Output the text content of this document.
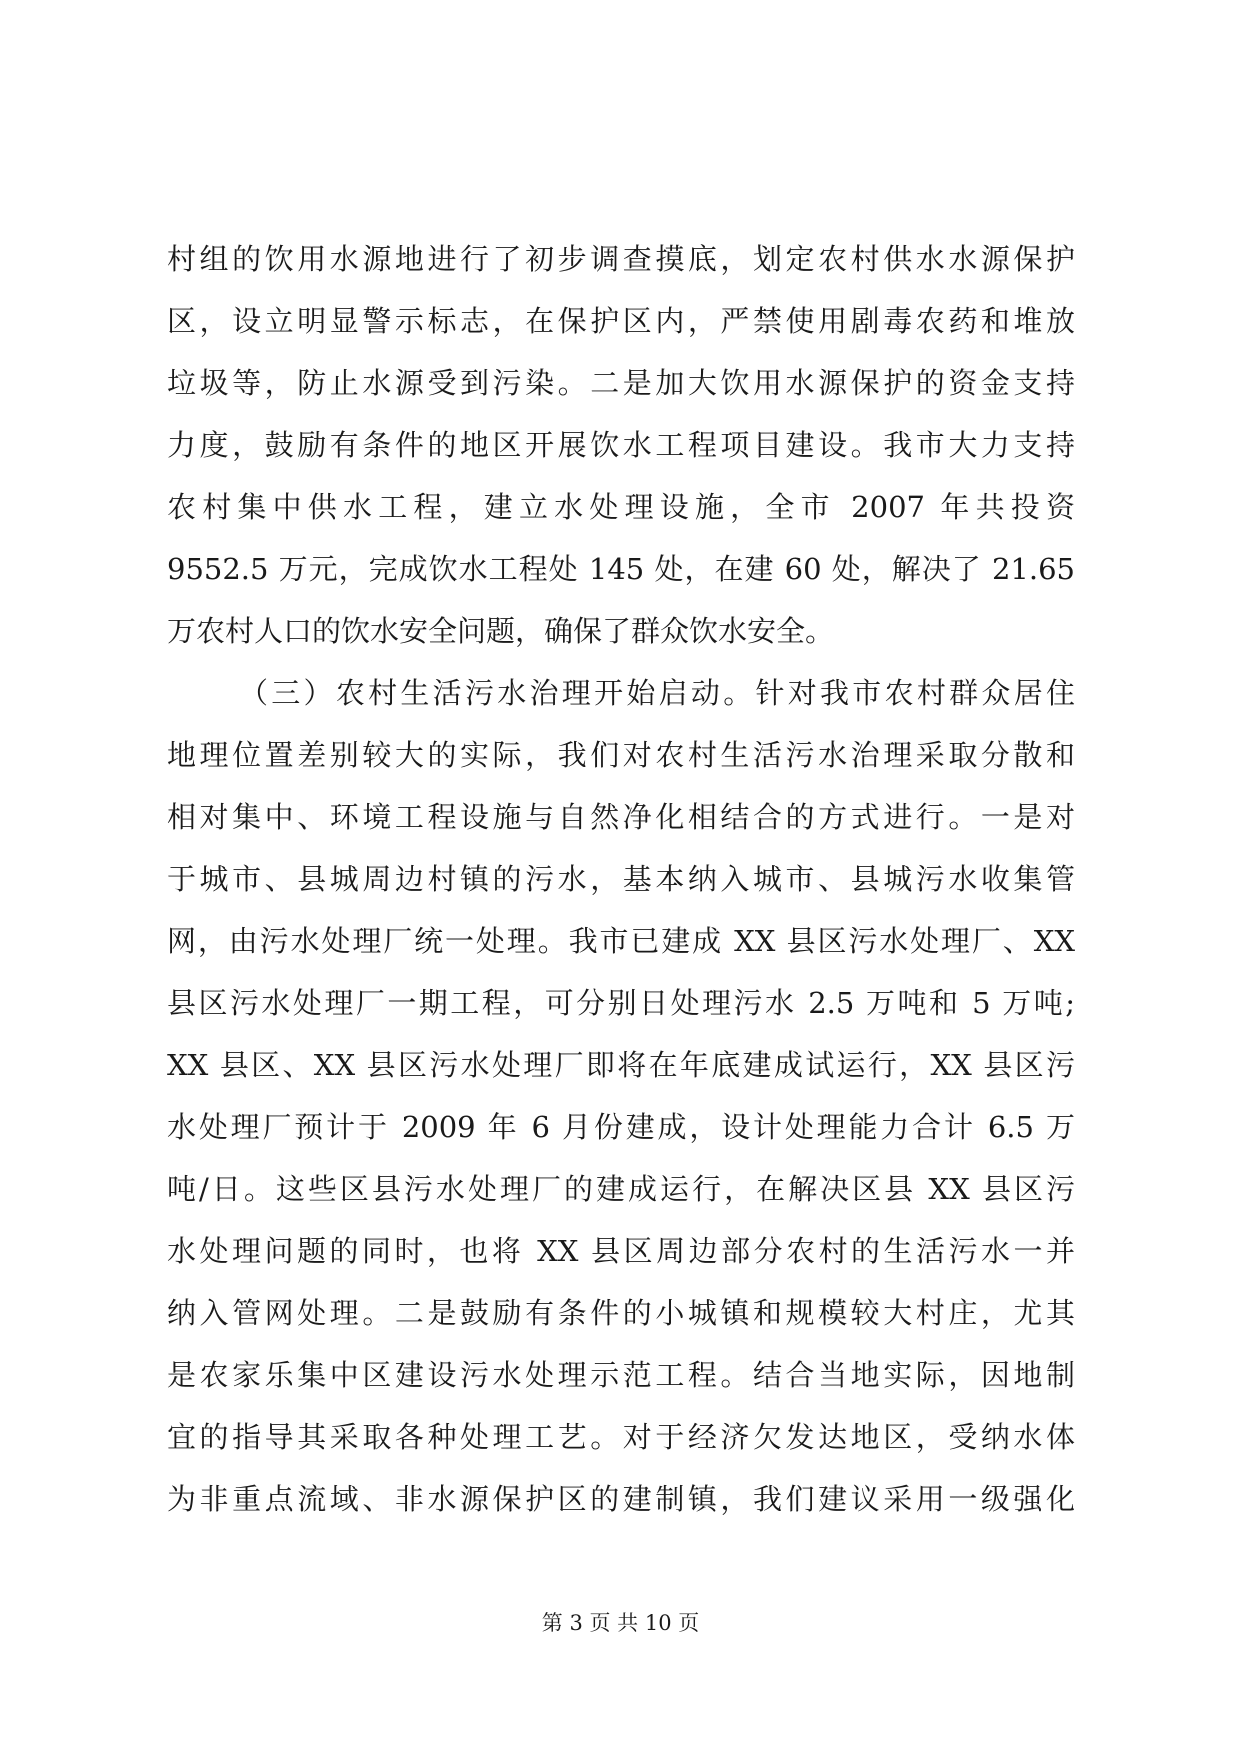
村组的饮用水源地进行了初步调查摸底，划定农村供水水源保护
区，设立明显警示标志，在保护区内，严禁使用剧毒农药和堆放
垃圾等，防止水源受到污染。二是加大饮用水源保护的资金支持
力度，鼓励有条件的地区开展饮水工程项目建设。我市大力支持
农村集中供水工程，建立水处理设施，全市 2007 年共投资
9552.5 万元，完成饮水工程处 145 处，在建 60 处，解决了 21.65
万农村人口的饮水安全问题，确保了群众饮水安全。
（三）农村生活污水治理开始启动。针对我市农村群众居住
地理位置差别较大的实际，我们对农村生活污水治理采取分散和
相对集中、环境工程设施与自然净化相结合的方式进行。一是对
于城市、县城周边村镇的污水，基本纳入城市、县城污水收集管
网，由污水处理厂统一处理。我市已建成 XX 县区污水处理厂、XX
县区污水处理厂一期工程，可分别日处理污水 2.5 万吨和 5 万吨;
XX 县区、XX 县区污水处理厂即将在年底建成试运行，XX 县区污
水处理厂预计于 2009 年 6 月份建成，设计处理能力合计 6.5 万
吨/日。这些区县污水处理厂的建成运行，在解决区县 XX 县区污
水处理问题的同时，也将 XX 县区周边部分农村的生活污水一并
纳入管网处理。二是鼓励有条件的小城镇和规模较大村庄，尤其
是农家乐集中区建设污水处理示范工程。结合当地实际，因地制
宜的指导其采取各种处理工艺。对于经济欠发达地区，受纳水体
为非重点流域、非水源保护区的建制镇，我们建议采用一级强化
第 3 页 共 10 页
